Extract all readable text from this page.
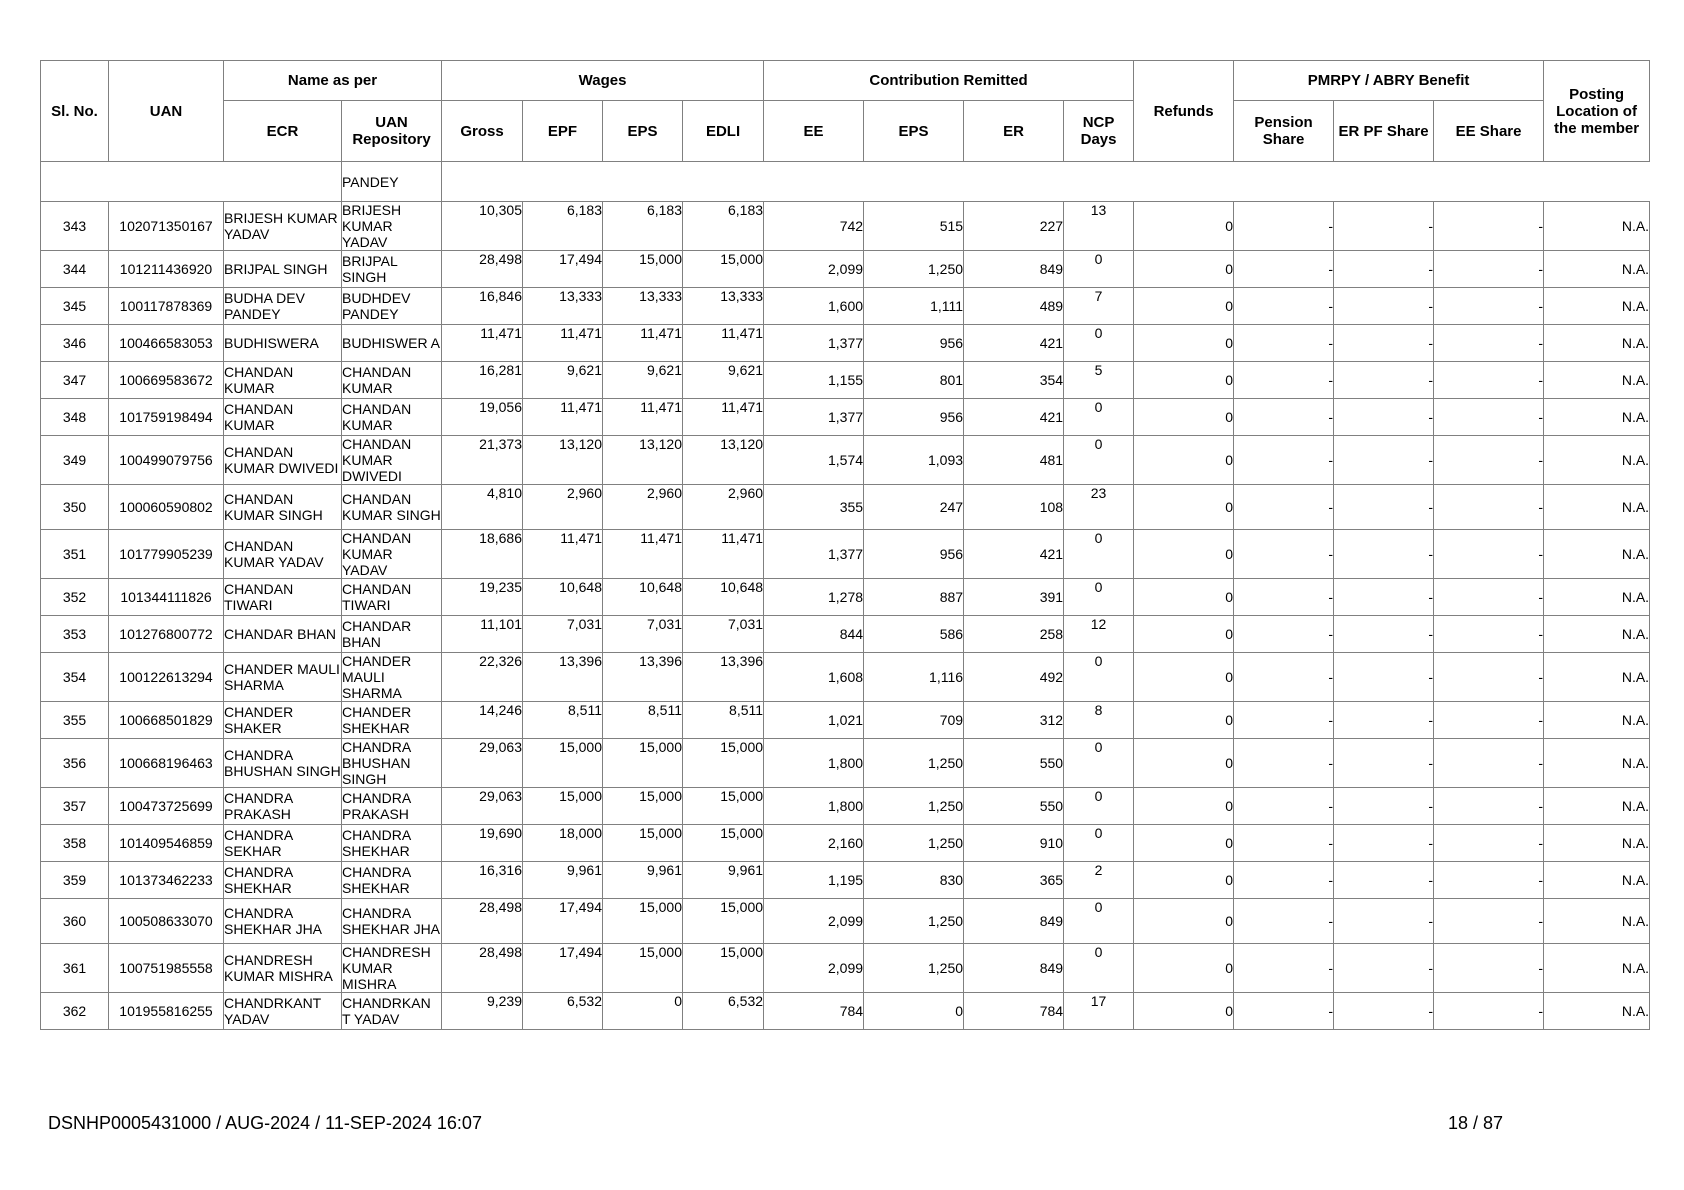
Sl. No.	UAN	Name as per		Wages				Contribution Remitted				Refunds	PMRPY / ABRY Benefit			Posting Location of the member
		ECR	UAN Repository	Gross	EPF	EPS	EDLI	EE	EPS	ER	NCP Days		Pension Share	ER PF Share	EE Share	
			PANDEY													
343	102071350167	BRIJESH KUMAR YADAV	BRIJESH KUMAR YADAV	10,305	6,183	6,183	6,183	742	515	227	13	0	-	-	-	N.A.
344	101211436920	BRIJPAL SINGH	BRIJPAL SINGH	28,498	17,494	15,000	15,000	2,099	1,250	849	0	0	-	-	-	N.A.
345	100117878369	BUDHA DEV PANDEY	BUDHDEV PANDEY	16,846	13,333	13,333	13,333	1,600	1,111	489	7	0	-	-	-	N.A.
346	100466583053	BUDHISWERA	BUDHISWER A	11,471	11,471	11,471	11,471	1,377	956	421	0	0	-	-	-	N.A.
347	100669583672	CHANDAN KUMAR	CHANDAN KUMAR	16,281	9,621	9,621	9,621	1,155	801	354	5	0	-	-	-	N.A.
348	101759198494	CHANDAN KUMAR	CHANDAN KUMAR	19,056	11,471	11,471	11,471	1,377	956	421	0	0	-	-	-	N.A.
349	100499079756	CHANDAN KUMAR DWIVEDI	CHANDAN KUMAR DWIVEDI	21,373	13,120	13,120	13,120	1,574	1,093	481	0	0	-	-	-	N.A.
350	100060590802	CHANDAN KUMAR SINGH	CHANDAN KUMAR SINGH	4,810	2,960	2,960	2,960	355	247	108	23	0	-	-	-	N.A.
351	101779905239	CHANDAN KUMAR YADAV	CHANDAN KUMAR YADAV	18,686	11,471	11,471	11,471	1,377	956	421	0	0	-	-	-	N.A.
352	101344111826	CHANDAN TIWARI	CHANDAN TIWARI	19,235	10,648	10,648	10,648	1,278	887	391	0	0	-	-	-	N.A.
353	101276800772	CHANDAR BHAN	CHANDAR BHAN	11,101	7,031	7,031	7,031	844	586	258	12	0	-	-	-	N.A.
354	100122613294	CHANDER MAULI SHARMA	CHANDER MAULI SHARMA	22,326	13,396	13,396	13,396	1,608	1,116	492	0	0	-	-	-	N.A.
355	100668501829	CHANDER SHAKER	CHANDER SHEKHAR	14,246	8,511	8,511	8,511	1,021	709	312	8	0	-	-	-	N.A.
356	100668196463	CHANDRA BHUSHAN SINGH	CHANDRA BHUSHAN SINGH	29,063	15,000	15,000	15,000	1,800	1,250	550	0	0	-	-	-	N.A.
357	100473725699	CHANDRA PRAKASH	CHANDRA PRAKASH	29,063	15,000	15,000	15,000	1,800	1,250	550	0	0	-	-	-	N.A.
358	101409546859	CHANDRA SEKHAR	CHANDRA SHEKHAR	19,690	18,000	15,000	15,000	2,160	1,250	910	0	0	-	-	-	N.A.
359	101373462233	CHANDRA SHEKHAR	CHANDRA SHEKHAR	16,316	9,961	9,961	9,961	1,195	830	365	2	0	-	-	-	N.A.
360	100508633070	CHANDRA SHEKHAR JHA	CHANDRA SHEKHAR JHA	28,498	17,494	15,000	15,000	2,099	1,250	849	0	0	-	-	-	N.A.
361	100751985558	CHANDRESH KUMAR MISHRA	CHANDRESH KUMAR MISHRA	28,498	17,494	15,000	15,000	2,099	1,250	849	0	0	-	-	-	N.A.
362	101955816255	CHANDRKANT YADAV	CHANDRKAN T YADAV	9,239	6,532	0	6,532	784	0	784	17	0	-	-	-	N.A.
DSNHP0005431000 / AUG-2024 / 11-SEP-2024 16:07	18 / 87
